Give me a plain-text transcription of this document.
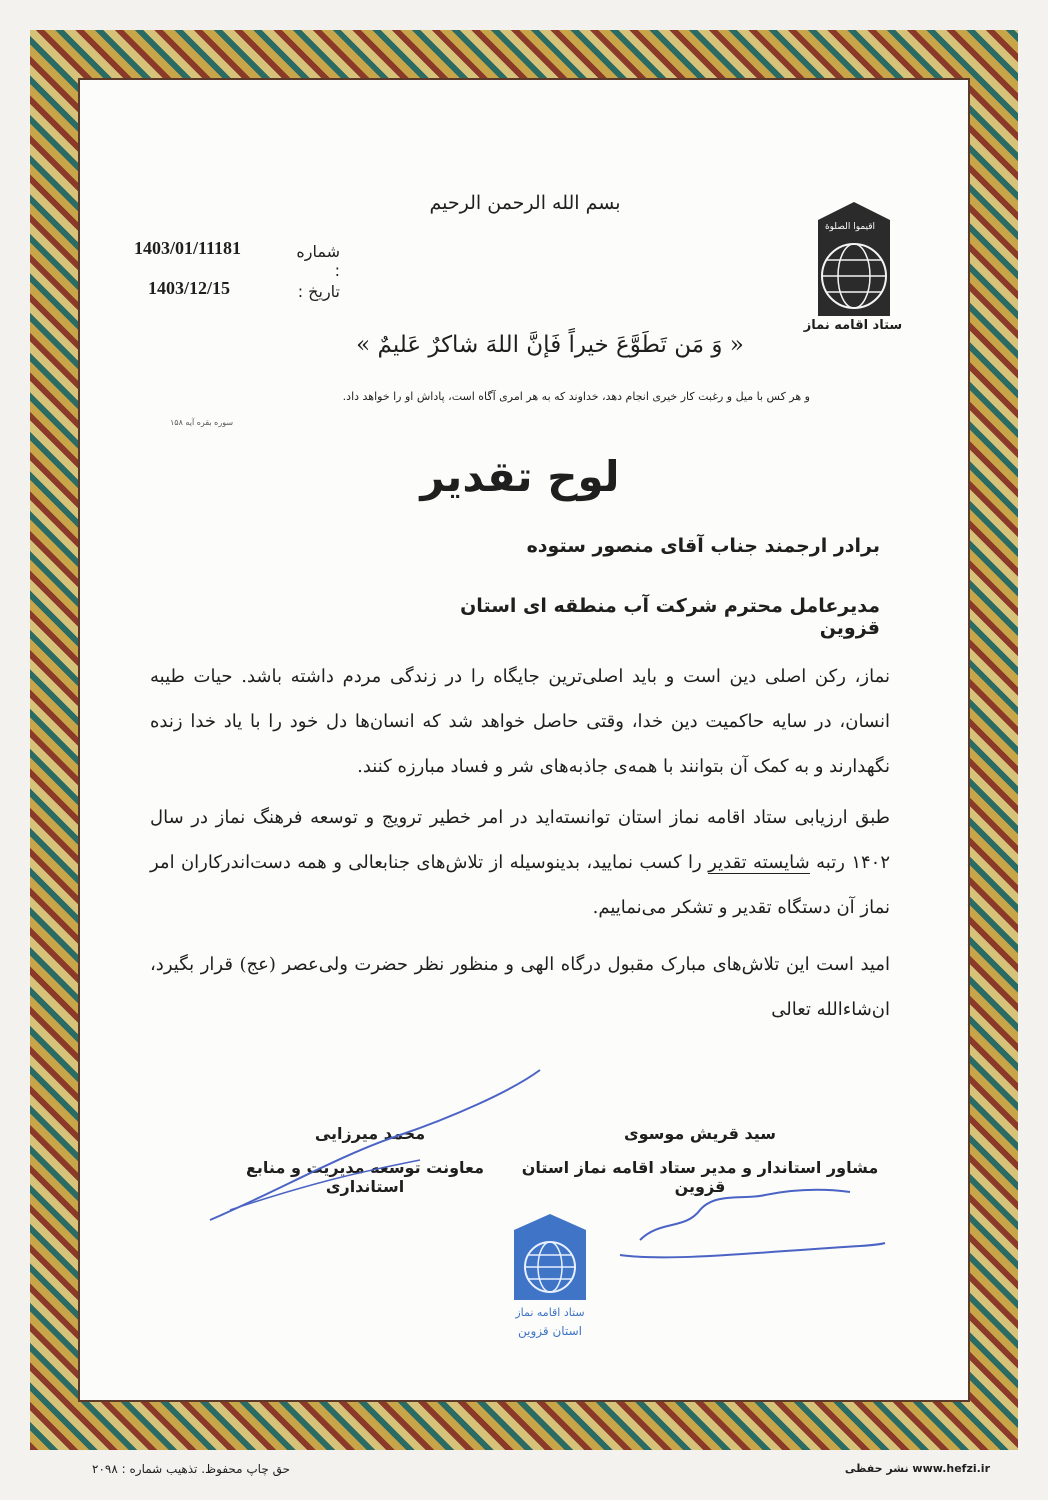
بسم الله الرحمن الرحیم
شماره :
1403/01/11181
تاریخ :
1403/12/15
اقیموا الصلوة
ستاد اقامه نماز
« وَ مَن تَطَوَّعَ خیراً فَإنَّ اللهَ شاکرٌ عَلیمٌ »
و هر کس با میل و رغبت کار خیری انجام دهد، خداوند که به هر امری آگاه است، پاداش او را خواهد داد.
سوره بقره آیه ۱۵۸
لوح تقدیر
برادر ارجمند جناب آقای منصور ستوده
مدیرعامل محترم شرکت آب منطقه ای استان قزوین
نماز، رکن اصلی دین است و باید اصلی‌ترین جایگاه را در زندگی مردم داشته باشد. حیات طیبه انسان، در سایه حاکمیت دین خدا، وقتی حاصل خواهد شد که انسان‌ها دل خود را با یاد خدا زنده نگهدارند و به کمک آن بتوانند با همه‌ی جاذبه‌های شر و فساد مبارزه کنند.
طبق ارزیابی ستاد اقامه نماز استان توانسته‌اید در امر خطیر ترویج و توسعه فرهنگ نماز در سال ۱۴۰۲ رتبه شایسته تقدیر را کسب نمایید، بدینوسیله از تلاش‌های جنابعالی و همه دست‌اندرکاران امر نماز آن دستگاه تقدیر و تشکر می‌نماییم.
امید است این تلاش‌های مبارک مقبول درگاه الهی و منظور نظر حضرت ولی‌عصر (عج) قرار بگیرد، ان‌شاءالله تعالی
سید قریش موسوی
مشاور استاندار و مدیر ستاد اقامه نماز استان قزوین
محمد میرزایی
معاونت توسعه مدیریت و منابع استانداری
ستاد اقامه نماز
استان قزوین
حق چاپ محفوظ. تذهیب شماره : ۲۰۹۸	www.hefzi.ir نشر حفظی
